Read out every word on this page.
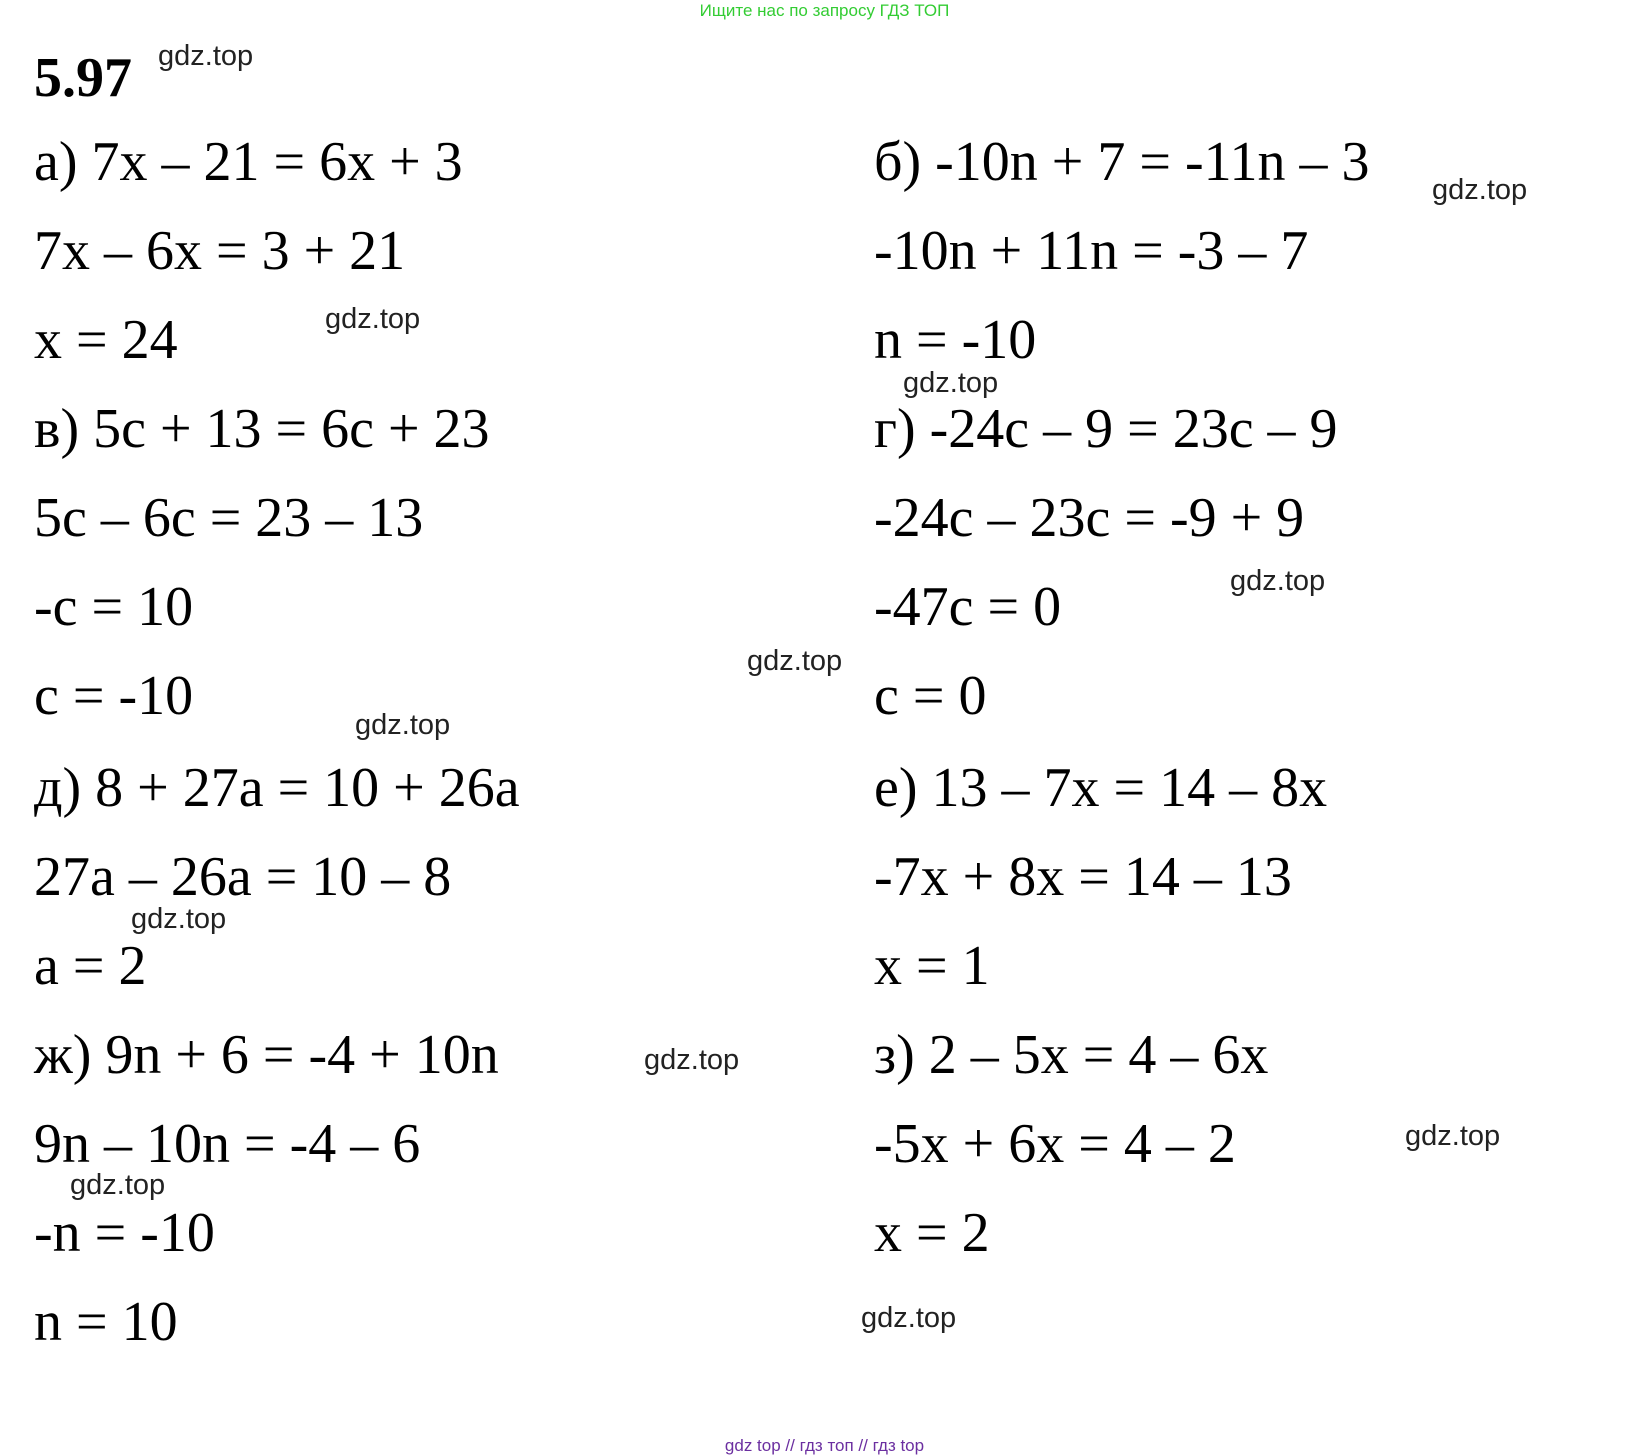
Ищите нас по запросу ГДЗ ТОП
5.97
а) 7x – 21 = 6x + 3
7x – 6x = 3 + 21
x = 24
в) 5c + 13 = 6c + 23
5c – 6c = 23 – 13
-c = 10
c = -10
д) 8 + 27a = 10 + 26a
27a – 26a = 10 – 8
a = 2
ж) 9n + 6 = -4 + 10n
9n – 10n = -4 – 6
-n = -10
n = 10
б) -10n + 7 = -11n – 3
-10n + 11n = -3 – 7
n = -10
г) -24c – 9 = 23c – 9
-24c – 23c = -9 + 9
-47c = 0
c = 0
е) 13 – 7x = 14 – 8x
-7x + 8x = 14 – 13
x = 1
з) 2 – 5x = 4 – 6x
-5x + 6x = 4 – 2
x = 2
gdz.top
gdz.top
gdz.top
gdz.top
gdz.top
gdz.top
gdz.top
gdz.top
gdz.top
gdz.top
gdz.top
gdz.top
gdz top // гдз топ // гдз top
